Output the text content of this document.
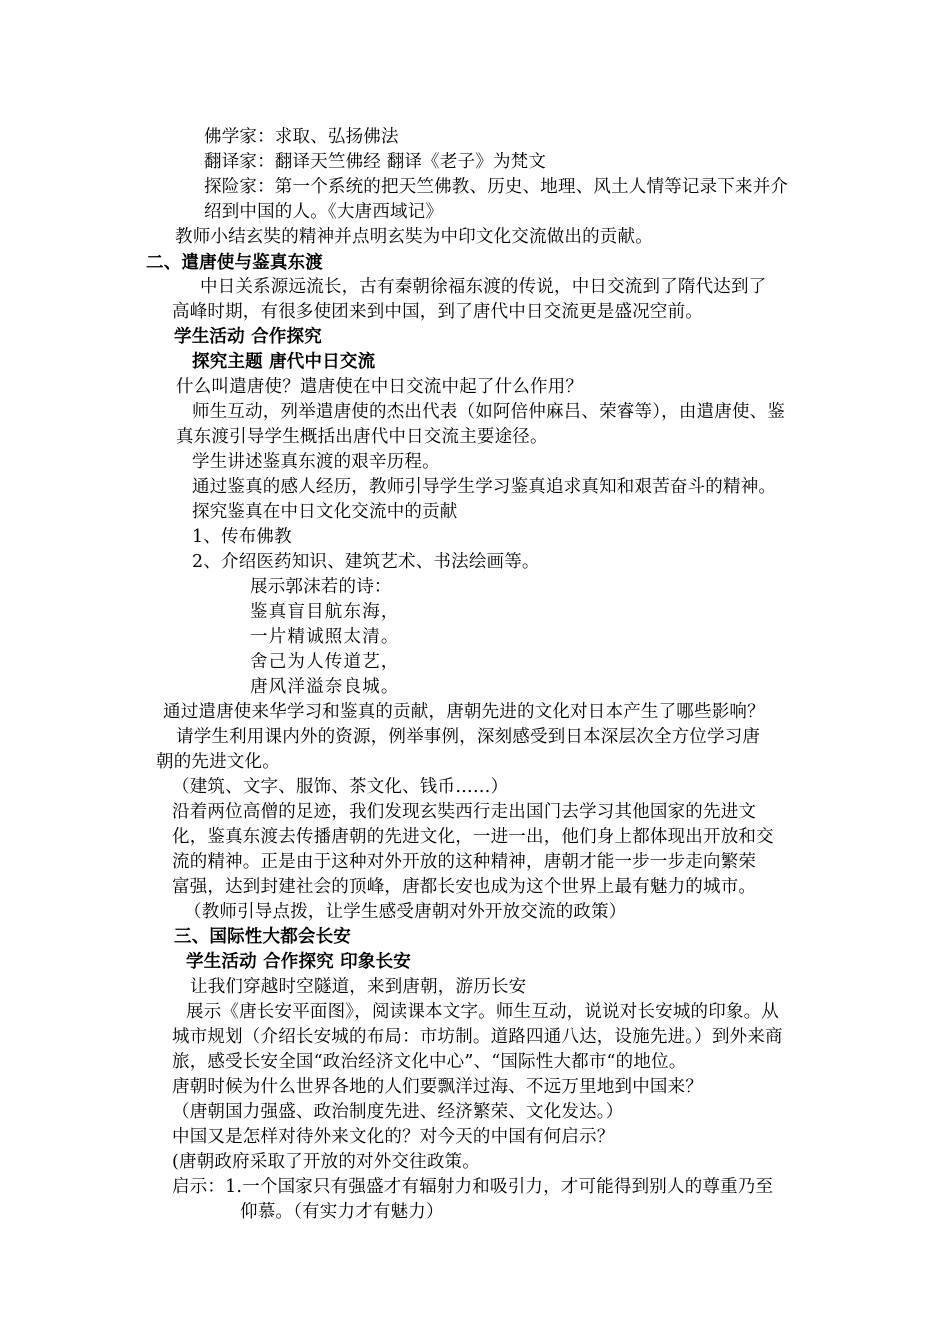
佛学家：求取、弘扬佛法
翻译家：翻译天竺佛经 翻译《老子》为梵文
探险家：第一个系统的把天竺佛教、历史、地理、风土人情等记录下来并介
绍到中国的人。《大唐西域记》
教师小结玄奘的精神并点明玄奘为中印文化交流做出的贡献。
二、遣唐使与鉴真东渡
中日关系源远流长，古有秦朝徐福东渡的传说，中日交流到了隋代达到了
高峰时期，有很多使团来到中国，到了唐代中日交流更是盛况空前。
学生活动 合作探究
探究主题 唐代中日交流
什么叫遣唐使？遣唐使在中日交流中起了什么作用？
师生互动，列举遣唐使的杰出代表（如阿倍仲麻吕、荣睿等），由遣唐使、鉴
真东渡引导学生概括出唐代中日交流主要途径。
学生讲述鉴真东渡的艰辛历程。
通过鉴真的感人经历，教师引导学生学习鉴真追求真知和艰苦奋斗的精神。
探究鉴真在中日文化交流中的贡献
1、传布佛教
2、介绍医药知识、建筑艺术、书法绘画等。
展示郭沫若的诗：
鉴真盲目航东海，
一片精诚照太清。
舍己为人传道艺，
唐风洋溢奈良城。
通过遣唐使来华学习和鉴真的贡献，唐朝先进的文化对日本产生了哪些影响？
请学生利用课内外的资源，例举事例，深刻感受到日本深层次全方位学习唐
朝的先进文化。
（建筑、文字、服饰、茶文化、钱币……）
沿着两位高僧的足迹，我们发现玄奘西行走出国门去学习其他国家的先进文
化，鉴真东渡去传播唐朝的先进文化，一进一出，他们身上都体现出开放和交
流的精神。正是由于这种对外开放的这种精神，唐朝才能一步一步走向繁荣
富强，达到封建社会的顶峰，唐都长安也成为这个世界上最有魅力的城市。
（教师引导点拨，让学生感受唐朝对外开放交流的政策）
三、国际性大都会长安
学生活动 合作探究 印象长安
让我们穿越时空隧道，来到唐朝，游历长安
展示《唐长安平面图》，阅读课本文字。师生互动，说说对长安城的印象。从
城市规划（介绍长安城的布局：市坊制。道路四通八达，设施先进。）到外来商
旅，感受长安全国“政治经济文化中心”、“国际性大都市“的地位。
唐朝时候为什么世界各地的人们要飘洋过海、不远万里地到中国来？
（唐朝国力强盛、政治制度先进、经济繁荣、文化发达。）
中国又是怎样对待外来文化的？对今天的中国有何启示？
(唐朝政府采取了开放的对外交往政策。
启示：1.一个国家只有强盛才有辐射力和吸引力，才可能得到别人的尊重乃至
仰慕。（有实力才有魅力）
